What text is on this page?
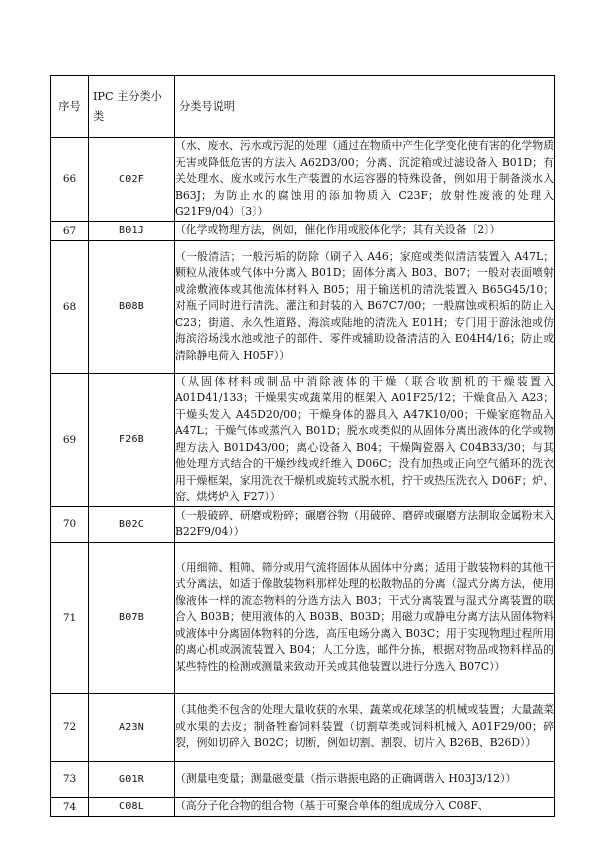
序号	IPC 主分类小类	分类号说明

66	C02F	（水、废水、污水或污泥的处理（通过在物质中产生化学变化使有害的化学物质无害或降低危害的方法入 A62D3/00；分离、沉淀箱或过滤设备入 B01D；有关处理水、废水或污水生产装置的水运容器的特殊设备，例如用于制备淡水入 B63J；为防止水的腐蚀用的添加物质入 C23F；放射性废液的处理入 G21F9/04）〔3〕）

67	B01J	（化学或物理方法，例如，催化作用或胶体化学；其有关设备〔2〕）

68	B08B	（一般清洁；一般污垢的防除（刷子入 A46；家庭或类似清洁装置入 A47L；颗粒从液体或气体中分离入 B01D；固体分离入 B03、B07；一般对表面喷射或涂敷液体或其他流体材料入 B05；用于输送机的清洗装置入 B65G45/10；对瓶子同时进行清洗、灌注和封装的入 B67C7/00；一般腐蚀或积垢的防止入 C23；街道、永久性道路、海滨或陆地的清洗入 E01H；专门用于游泳池或仿海滨浴场浅水池或池子的部件、零件或辅助设备清洁的入 E04H4/16；防止或清除静电荷入 H05F））

69	F26B	（从固体材料或制品中消除液体的干燥（联合收割机的干燥装置入 A01D41/133；干燥果实或蔬菜用的框架入 A01F25/12；干燥食品入 A23；干燥头发入 A45D20/00；干燥身体的器具入 A47K10/00；干燥家庭物品入 A47L；干燥气体或蒸汽入 B01D；脱水或类似的从固体分离出液体的化学或物理方法入 B01D43/00；离心设备入 B04；干燥陶瓷器入 C04B33/30；与其他处理方式结合的干燥纱线或纤维入 D06C；没有加热或正向空气循环的洗衣用干燥框架，家用洗衣干燥机或旋转式脱水机，拧干或热压洗衣入 D06F；炉、窑、烘烤炉入 F27））

70	B02C	（一般破碎、研磨或粉碎；碾磨谷物（用破碎、磨碎或碾磨方法制取金属粉末入 B22F9/04））

71	B07B	（用细筛、粗筛、筛分或用气流将固体从固体中分离；适用于散装物料的其他干式分离法，如适于像散装物料那样处理的松散物品的分离（湿式分离方法，使用像液体一样的流态物料的分选方法入 B03；干式分离装置与湿式分离装置的联合入 B03B；使用液体的入 B03B、B03D；用磁力或静电分离方法从固体物料或液体中分离固体物料的分选，高压电场分离入 B03C；用于实现物理过程所用的离心机或涡流装置入 B04；人工分选，邮件分拣，根据对物品或物料样品的某些特性的检测或测量来致动开关或其他装置以进行分选入 B07C））

72	A23N	（其他类不包含的处理大量收获的水果、蔬菜或花球茎的机械或装置；大量蔬菜或水果的去皮；制备牲畜饲料装置（切割草类或饲料机械入 A01F29/00；碎裂，例如切碎入 B02C；切断，例如切割、割裂、切片入 B26B、B26D））

73	G01R	（测量电变量；测量磁变量（指示谐振电路的正确调谐入 H03J3/12））

74	C08L	（高分子化合物的组合物（基于可聚合单体的组成成分入 C08F、
